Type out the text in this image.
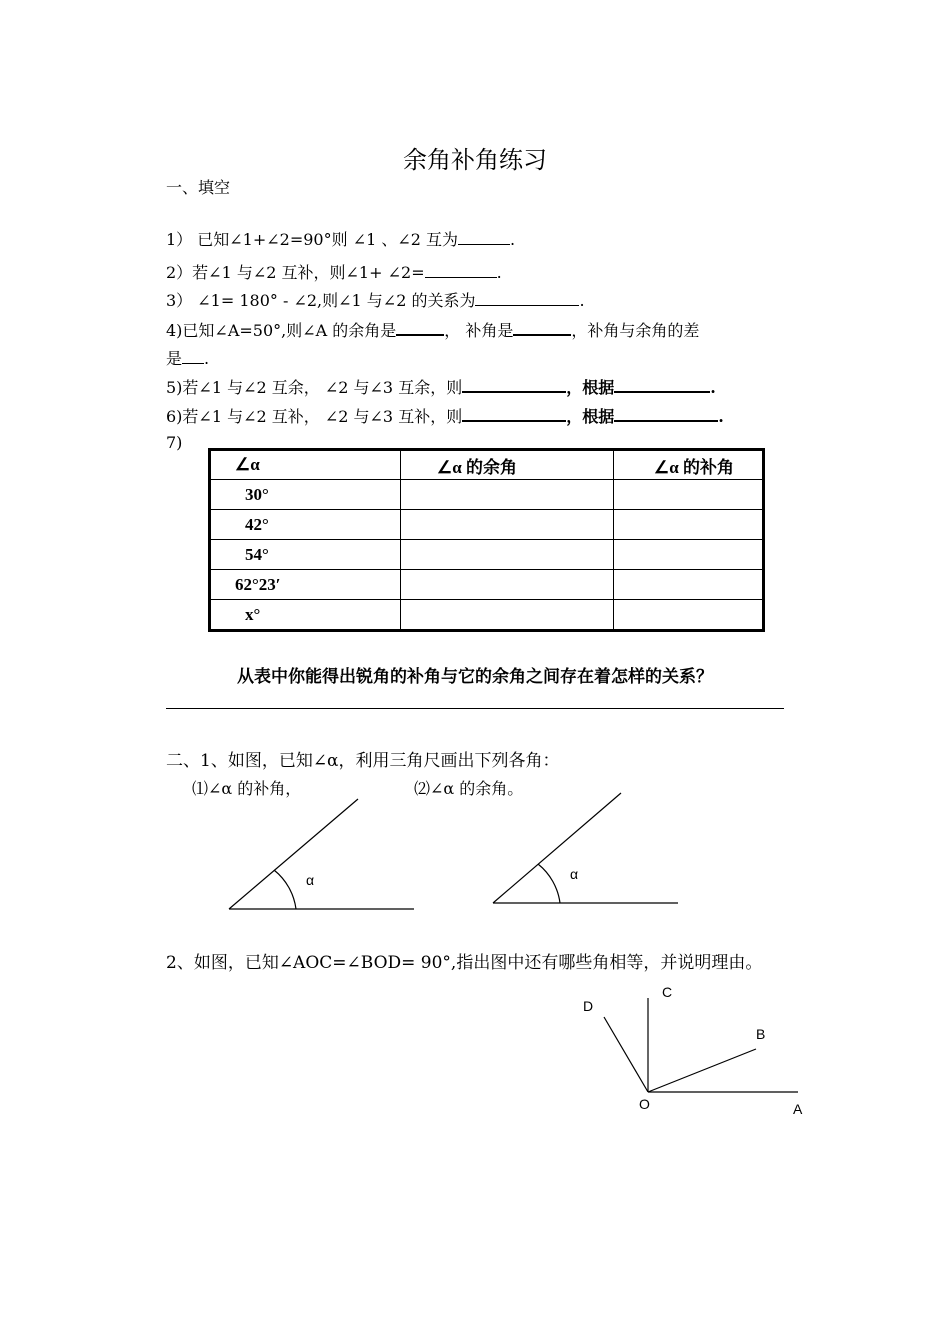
余角补角练习
一、填空
1） 已知∠1+∠2=90°则 ∠1 、∠2 互为	.
2）若∠1 与∠2 互补，则∠1+ ∠2=	.
3） ∠1= 180° - ∠2,则∠1 与∠2 的关系为	.
4)已知∠A=50°,则∠A 的余角是	， 补角是	，补角与余角的差
是 .
5)若∠1 与∠2 互余， ∠2 与∠3 互余，则	，根据	.
6)若∠1 与∠2 互补， ∠2 与∠3 互补，则	，根据	.
7)
∠α	∠α 的余角	∠α 的补角
30°		
42°		
54°		
62°23′		
x°		
从表中你能得出锐角的补角与它的余角之间存在着怎样的关系？
二、1、如图，已知∠α，利用三角尺画出下列各角：
⑴∠α 的补角，	⑵∠α 的余角。
α	α
2、如图，已知∠AOC=∠BOD= 90°,指出图中还有哪些角相等，并说明理由。
D
C
B
O	A
